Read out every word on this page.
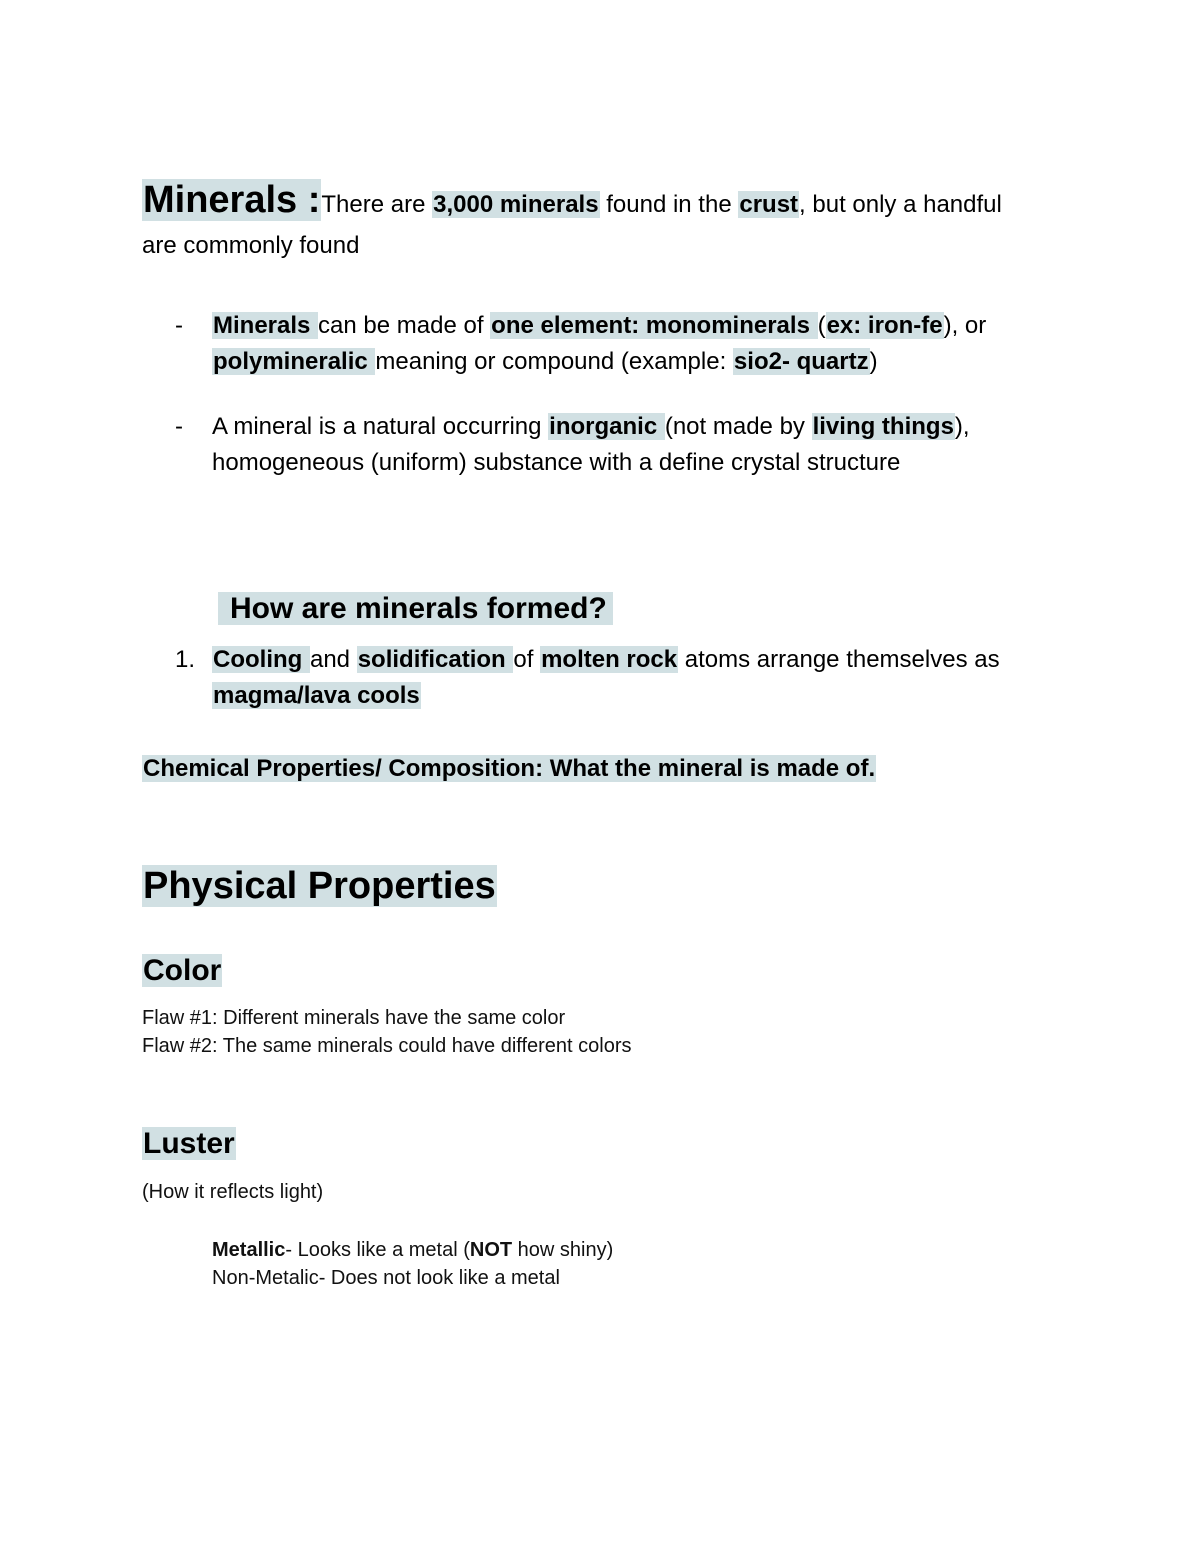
Minerals :There are 3,000 minerals found in the crust, but only a handful are commonly found
- Minerals can be made of one element: monominerals (ex: iron-fe), or polymineralic meaning or compound (example: sio2- quartz)
- A mineral is a natural occurring inorganic (not made by living things), homogeneous (uniform) substance with a define crystal structure
How are minerals formed?
1. Cooling and solidification of molten rock atoms arrange themselves as magma/lava cools
Chemical Properties/ Composition: What the mineral is made of.
Physical Properties
Color
Flaw #1: Different minerals have the same color
Flaw #2: The same minerals could have different colors
Luster
(How it reflects light)
Metallic- Looks like a metal (NOT how shiny)
Non-Metalic- Does not look like a metal
